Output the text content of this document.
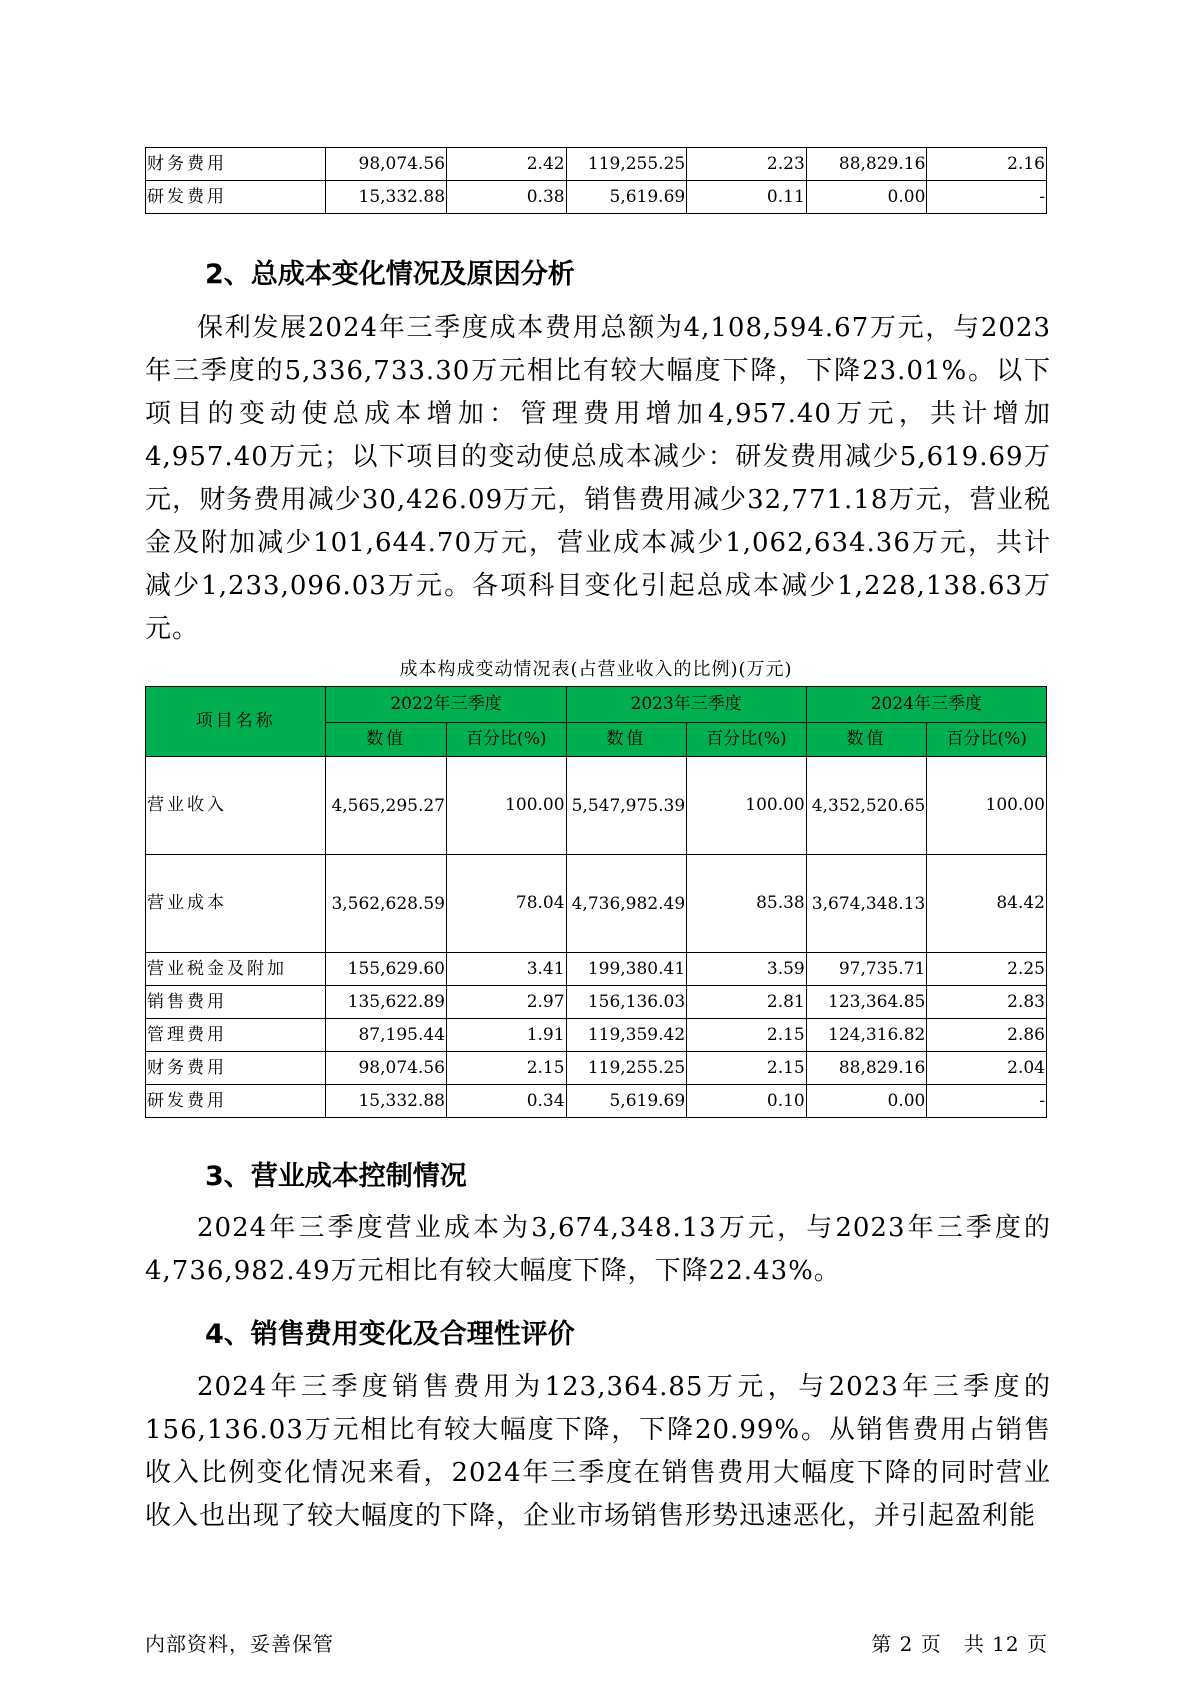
财务费用	98,074.56	2.42	119,255.25	2.23	88,829.16	2.16
研发费用	15,332.88	0.38	5,619.69	0.11	0.00	-
2、总成本变化情况及原因分析

保利发展2024年三季度成本费用总额为4,108,594.67万元，与2023年三季度的5,336,733.30万元相比有较大幅度下降，下降23.01%。以下项目的变动使总成本增加：管理费用增加4,957.40万元，共计增加4,957.40万元；以下项目的变动使总成本减少：研发费用减少5,619.69万元，财务费用减少30,426.09万元，销售费用减少32,771.18万元，营业税金及附加减少101,644.70万元，营业成本减少1,062,634.36万元，共计减少1,233,096.03万元。各项科目变化引起总成本减少1,228,138.63万元。

成本构成变动情况表(占营业收入的比例)(万元)
项目名称	2022年三季度		2023年三季度		2024年三季度	
	数值	百分比(%)	数值	百分比(%)	数值	百分比(%)
营业收入	4,565,295.27	100.00	5,547,975.39	100.00	4,352,520.65	100.00
营业成本	3,562,628.59	78.04	4,736,982.49	85.38	3,674,348.13	84.42
营业税金及附加	155,629.60	3.41	199,380.41	3.59	97,735.71	2.25
销售费用	135,622.89	2.97	156,136.03	2.81	123,364.85	2.83
管理费用	87,195.44	1.91	119,359.42	2.15	124,316.82	2.86
财务费用	98,074.56	2.15	119,255.25	2.15	88,829.16	2.04
研发费用	15,332.88	0.34	5,619.69	0.10	0.00	-
3、营业成本控制情况

2024年三季度营业成本为3,674,348.13万元，与2023年三季度的4,736,982.49万元相比有较大幅度下降，下降22.43%。

4、销售费用变化及合理性评价

2024年三季度销售费用为123,364.85万元，与2023年三季度的156,136.03万元相比有较大幅度下降，下降20.99%。从销售费用占销售收入比例变化情况来看，2024年三季度在销售费用大幅度下降的同时营业收入也出现了较大幅度的下降，企业市场销售形势迅速恶化，并引起盈利能

内部资料，妥善保管	第 2 页 共 12 页
